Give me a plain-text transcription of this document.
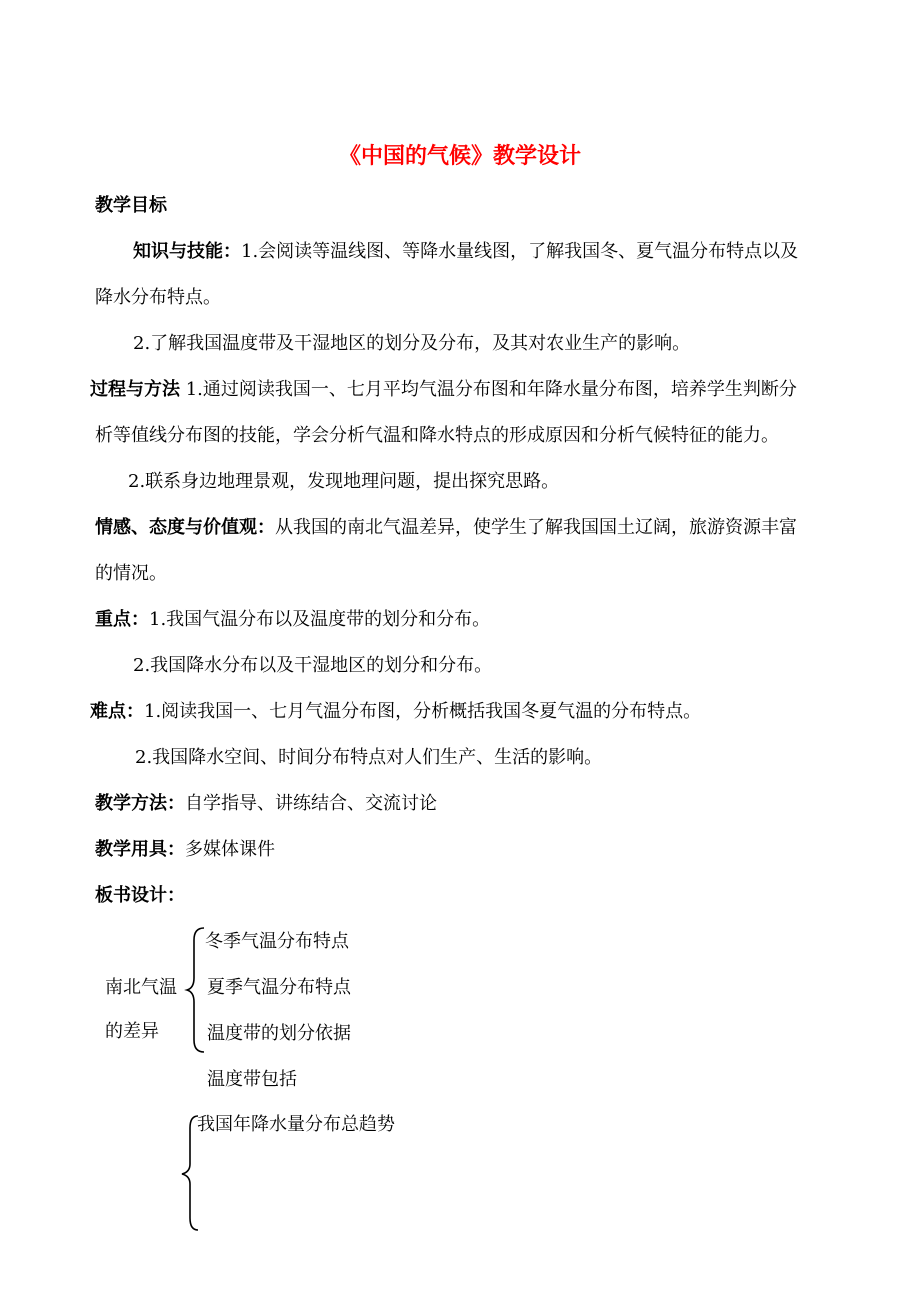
《中国的气候》教学设计
教学目标
知识与技能：1.会阅读等温线图、等降水量线图，了解我国冬、夏气温分布特点以及
降水分布特点。
2.了解我国温度带及干湿地区的划分及分布，及其对农业生产的影响。
过程与方法 1.通过阅读我国一、七月平均气温分布图和年降水量分布图，培养学生判断分
析等值线分布图的技能，学会分析气温和降水特点的形成原因和分析气候特征的能力。
2.联系身边地理景观，发现地理问题，提出探究思路。
情感、态度与价值观：从我国的南北气温差异，使学生了解我国国土辽阔，旅游资源丰富
的情况。
重点：1.我国气温分布以及温度带的划分和分布。
2.我国降水分布以及干湿地区的划分和分布。
难点：1.阅读我国一、七月气温分布图，分析概括我国冬夏气温的分布特点。
2.我国降水空间、时间分布特点对人们生产、生活的影响。
教学方法：自学指导、讲练结合、交流讨论
教学用具：多媒体课件
板书设计：
南北气温
的差异
冬季气温分布特点
夏季气温分布特点
温度带的划分依据
温度带包括
我国年降水量分布总趋势
